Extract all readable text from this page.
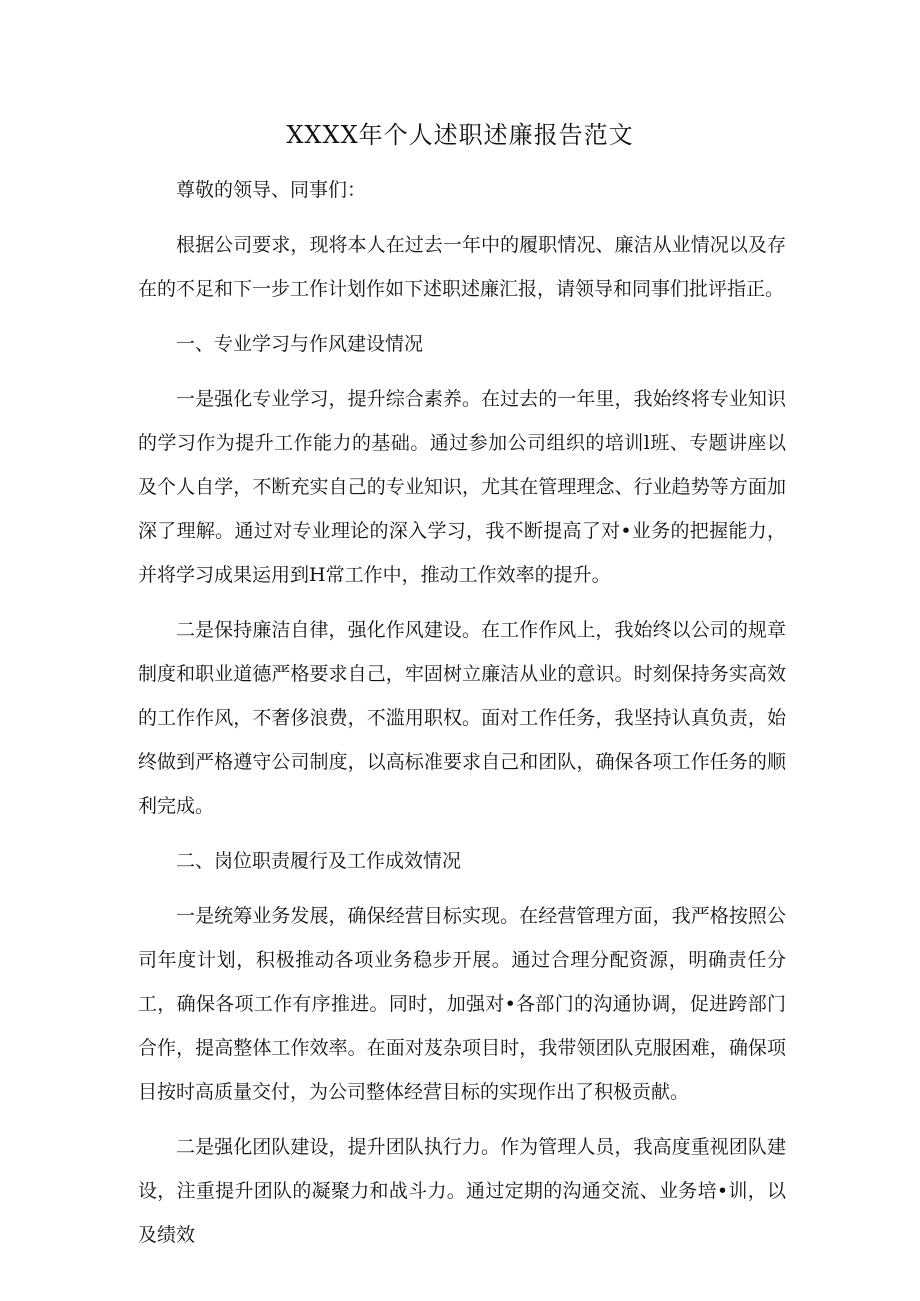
XXXX年个人述职述廉报告范文

尊敬的领导、同事们：

根据公司要求，现将本人在过去一年中的履职情况、廉洁从业情况以及存在的不足和下一步工作计划作如下述职述廉汇报，请领导和同事们批评指正。

一、专业学习与作风建设情况

一是强化专业学习，提升综合素养。在过去的一年里，我始终将专业知识的学习作为提升工作能力的基础。通过参加公司组织的培训l班、专题讲座以及个人自学，不断充实自己的专业知识，尤其在管理理念、行业趋势等方面加深了理解。通过对专业理论的深入学习，我不断提高了对•业务的把握能力，并将学习成果运用到H常工作中，推动工作效率的提升。

二是保持廉洁自律，强化作风建设。在工作作风上，我始终以公司的规章制度和职业道德严格要求自己，牢固树立廉洁从业的意识。时刻保持务实高效的工作作风，不奢侈浪费，不滥用职权。面对工作任务，我坚持认真负责，始终做到严格遵守公司制度，以高标准要求自己和团队，确保各项工作任务的顺利完成。

二、岗位职责履行及工作成效情况

一是统筹业务发展，确保经营目标实现。在经营管理方面，我严格按照公司年度计划，积极推动各项业务稳步开展。通过合理分配资源，明确责任分工，确保各项工作有序推进。同时，加强对•各部门的沟通协调，促进跨部门合作，提高整体工作效率。在面对芨杂项目时，我带领团队克服困难，确保项目按时高质量交付，为公司整体经营目标的实现作出了积极贡献。

二是强化团队建设，提升团队执行力。作为管理人员，我高度重视团队建设，注重提升团队的凝聚力和战斗力。通过定期的沟通交流、业务培•训，以及绩效
